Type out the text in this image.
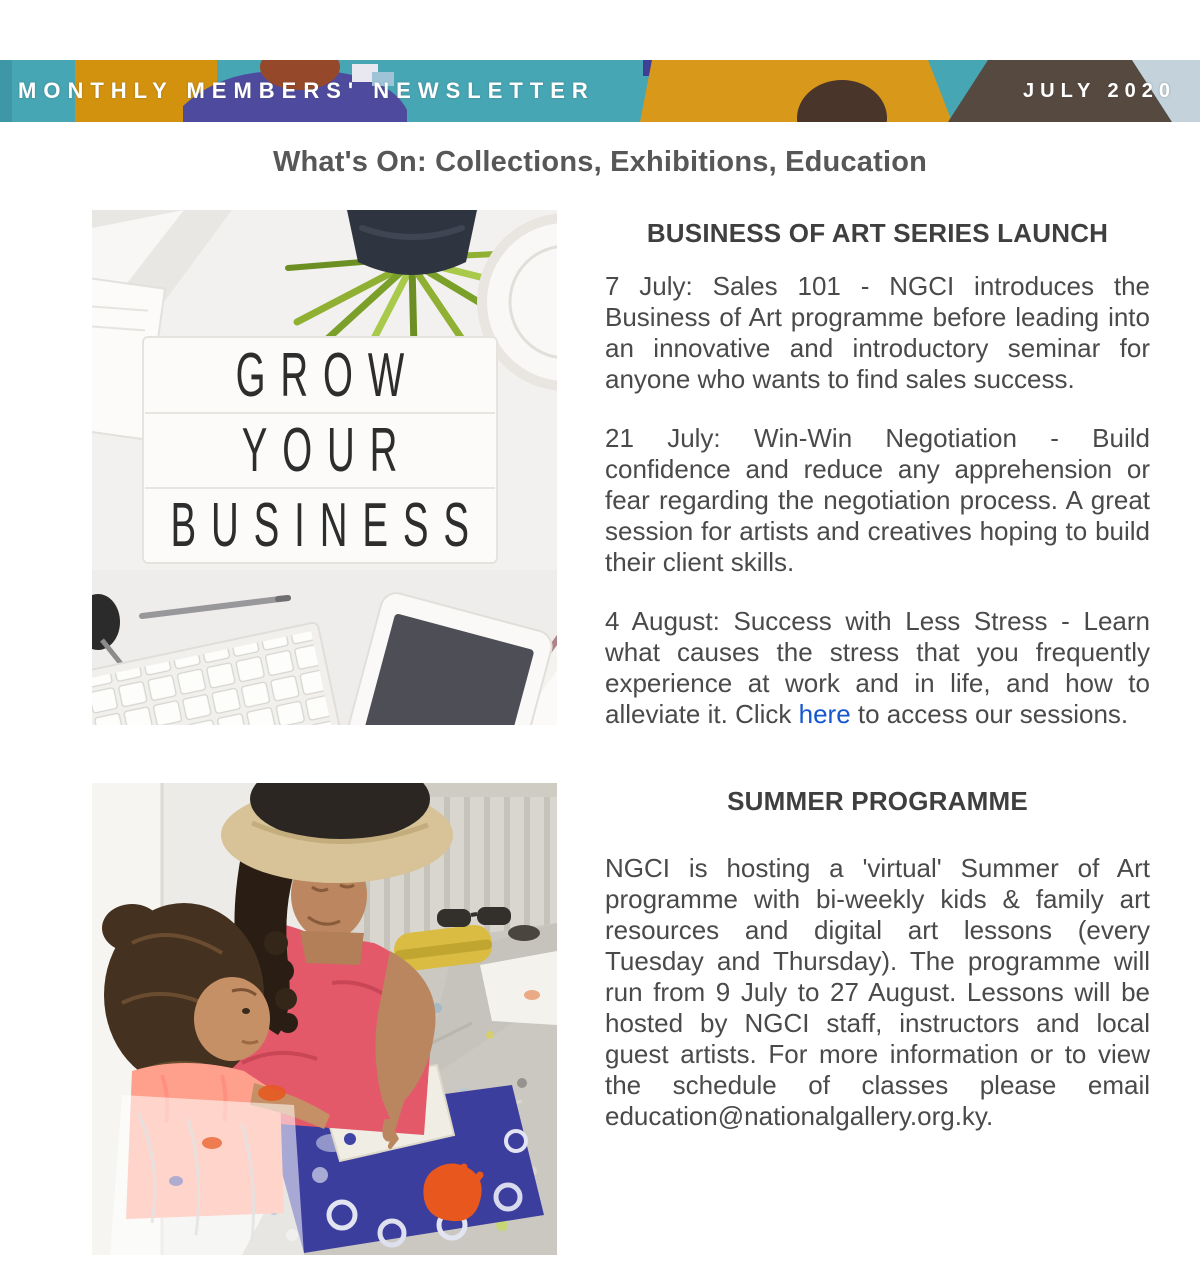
MONTHLY MEMBERS' NEWSLETTER	JULY 2020
What's On: Collections, Exhibitions, Education
GROW
YOUR
BUSINESS
BUSINESS OF ART SERIES LAUNCH

7 July: Sales 101 - NGCI introduces the Business of Art programme before leading into an innovative and introductory seminar for anyone who wants to find sales success.

21 July: Win-Win Negotiation - Build confidence and reduce any apprehension or fear regarding the negotiation process. A great session for artists and creatives hoping to build their client skills.

4 August: Success with Less Stress - Learn what causes the stress that you frequently experience at work and in life, and how to alleviate it. Click here to access our sessions.

SUMMER PROGRAMME

NGCI is hosting a 'virtual' Summer of Art programme with bi-weekly kids & family art resources and digital art lessons (every Tuesday and Thursday). The programme will run from 9 July to 27 August. Lessons will be hosted by NGCI staff, instructors and local guest artists. For more information or to view the schedule of classes please email education@nationalgallery.org.ky.
